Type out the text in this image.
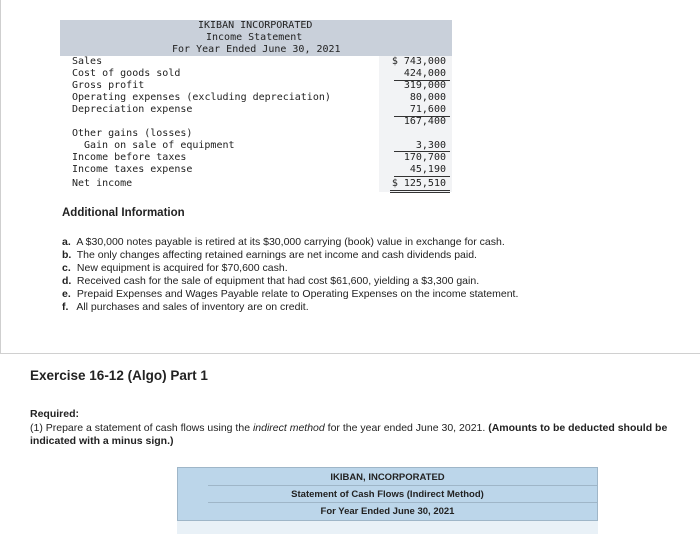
IKIBAN INCORPORATED
Income Statement
For Year Ended June 30, 2021
Sales	$ 743,000
Cost of goods sold	424,000
Gross profit	319,000
Operating expenses (excluding depreciation)	80,000
Depreciation expense	71,600
167,400
Other gains (losses)
Gain on sale of equipment	3,300
Income before taxes	170,700
Income taxes expense	45,190
Net income	$ 125,510
Additional Information
a. A $30,000 notes payable is retired at its $30,000 carrying (book) value in exchange for cash.
b. The only changes affecting retained earnings are net income and cash dividends paid.
c. New equipment is acquired for $70,600 cash.
d. Received cash for the sale of equipment that had cost $61,600, yielding a $3,300 gain.
e. Prepaid Expenses and Wages Payable relate to Operating Expenses on the income statement.
f. All purchases and sales of inventory are on credit.
Exercise 16-12 (Algo) Part 1
Required:
(1) Prepare a statement of cash flows using the indirect method for the year ended June 30, 2021. (Amounts to be deducted should be indicated with a minus sign.)
IKIBAN, INCORPORATED
Statement of Cash Flows (Indirect Method)
For Year Ended June 30, 2021
